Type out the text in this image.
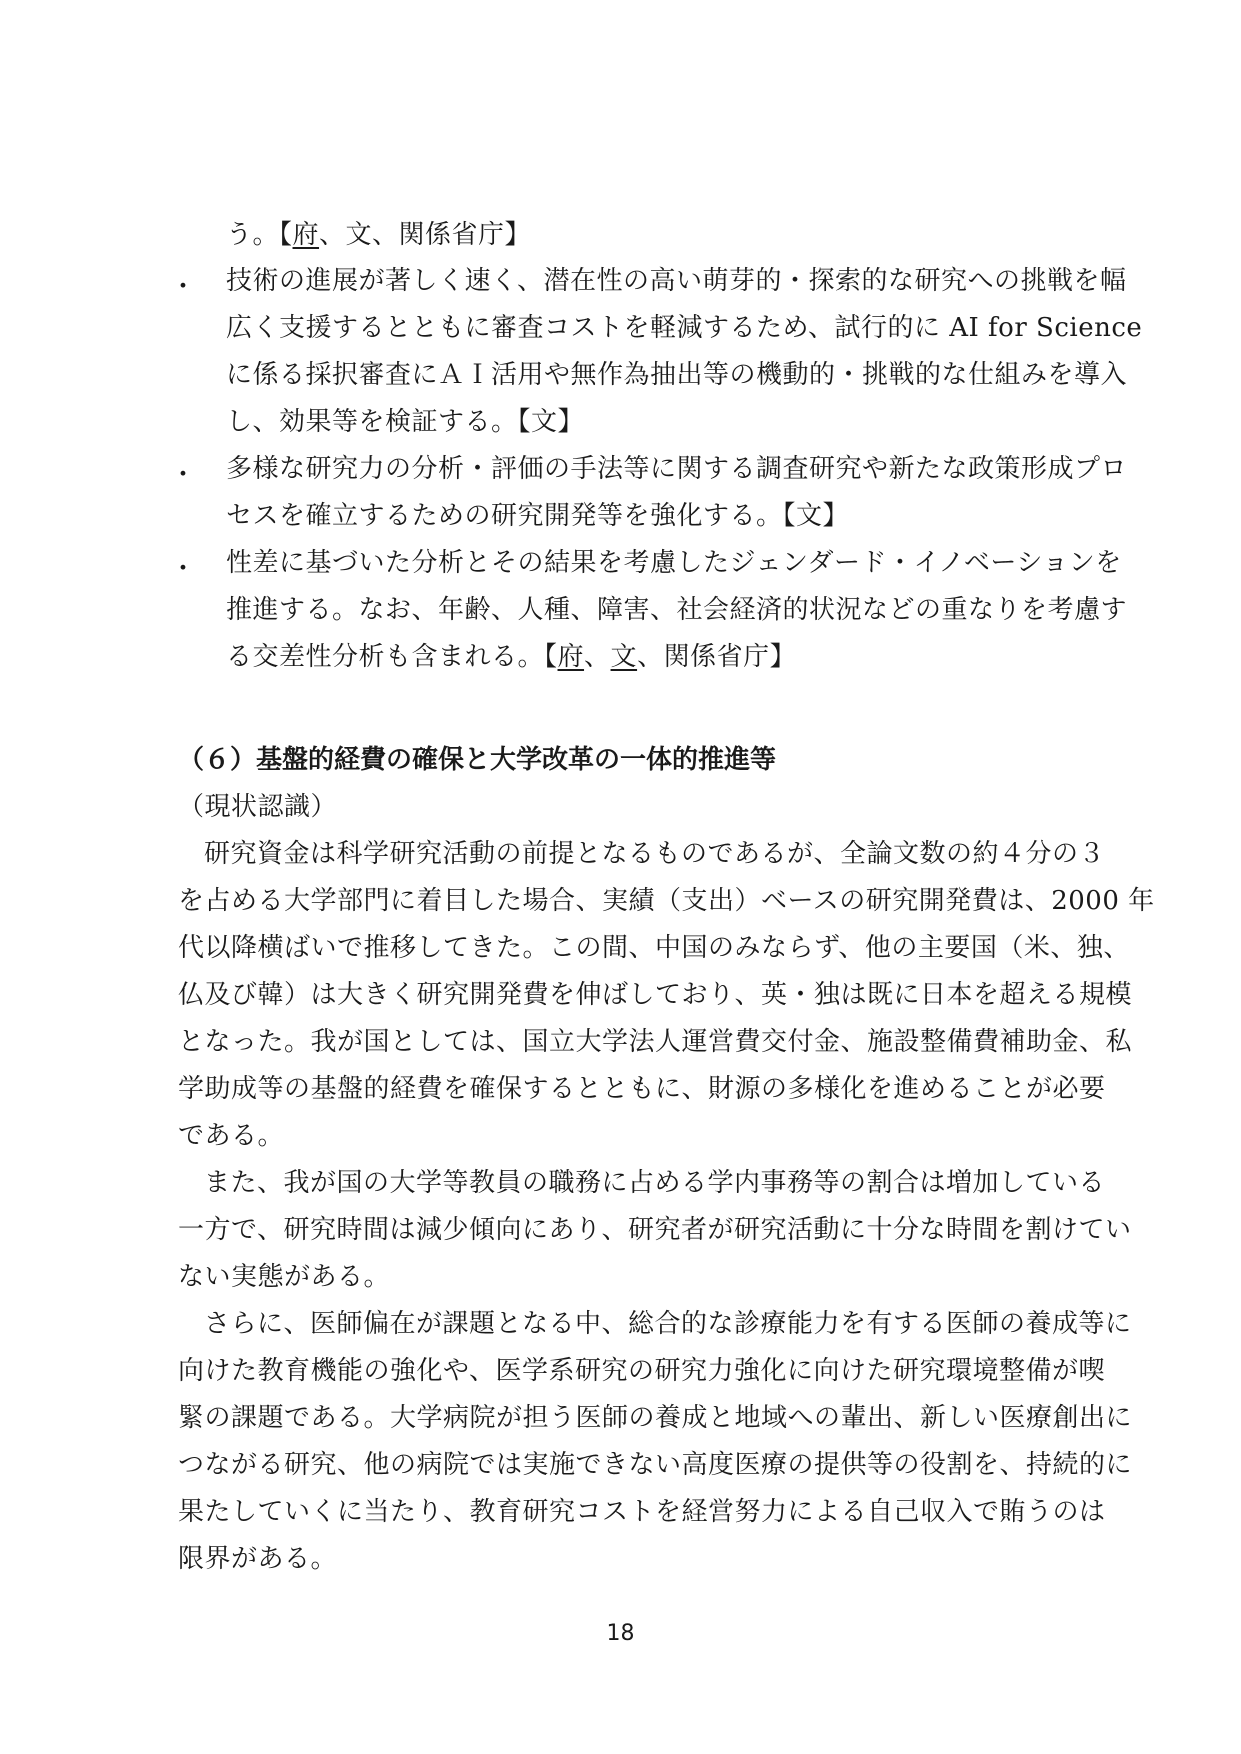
う。【府、文、関係省庁】
・ 技術の進展が著しく速く、潜在性の高い萌芽的・探索的な研究への挑戦を幅
広く支援するとともに審査コストを軽減するため、試行的に AI for Science
に係る採択審査にＡＩ活用や無作為抽出等の機動的・挑戦的な仕組みを導入
し、効果等を検証する。【文】
・ 多様な研究力の分析・評価の手法等に関する調査研究や新たな政策形成プロ
セスを確立するための研究開発等を強化する。【文】
・ 性差に基づいた分析とその結果を考慮したジェンダード・イノベーションを
推進する。なお、年齢、人種、障害、社会経済的状況などの重なりを考慮す
る交差性分析も含まれる。【府、文、関係省庁】
（６）基盤的経費の確保と大学改革の一体的推進等
（現状認識）
研究資金は科学研究活動の前提となるものであるが、全論文数の約４分の３
を占める大学部門に着目した場合、実績（支出）ベースの研究開発費は、2000 年
代以降横ばいで推移してきた。この間、中国のみならず、他の主要国（米、独、
仏及び韓）は大きく研究開発費を伸ばしており、英・独は既に日本を超える規模
となった。我が国としては、国立大学法人運営費交付金、施設整備費補助金、私
学助成等の基盤的経費を確保するとともに、財源の多様化を進めることが必要
である。
また、我が国の大学等教員の職務に占める学内事務等の割合は増加している
一方で、研究時間は減少傾向にあり、研究者が研究活動に十分な時間を割けてい
ない実態がある。
さらに、医師偏在が課題となる中、総合的な診療能力を有する医師の養成等に
向けた教育機能の強化や、医学系研究の研究力強化に向けた研究環境整備が喫
緊の課題である。大学病院が担う医師の養成と地域への輩出、新しい医療創出に
つながる研究、他の病院では実施できない高度医療の提供等の役割を、持続的に
果たしていくに当たり、教育研究コストを経営努力による自己収入で賄うのは
限界がある。
18
